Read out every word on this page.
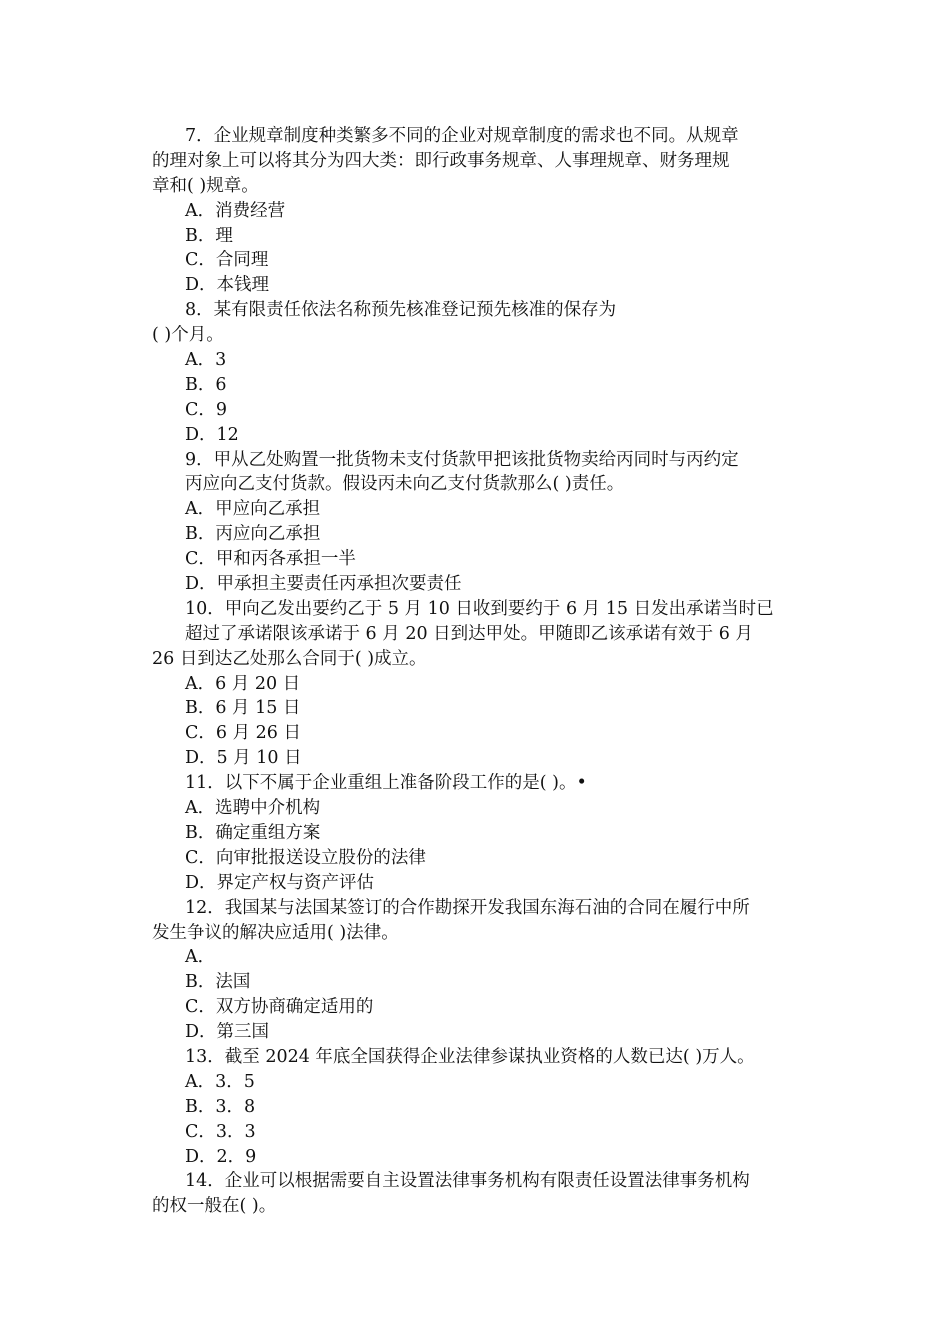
7．企业规章制度种类繁多不同的企业对规章制度的需求也不同。从规章
的理对象上可以将其分为四大类：即行政事务规章、人事理规章、财务理规
章和( )规章。
A．消费经营
B．理
C．合同理
D．本钱理
8．某有限责任依法名称预先核准登记预先核准的保存为
( )个月。
A．3
B．6
C．9
D．12
9．甲从乙处购置一批货物未支付货款甲把该批货物卖给丙同时与丙约定
丙应向乙支付货款。假设丙未向乙支付货款那么( )责任。
A．甲应向乙承担
B．丙应向乙承担
C．甲和丙各承担一半
D．甲承担主要责任丙承担次要责任
10．甲向乙发出要约乙于 5 月 10 日收到要约于 6 月 15 日发出承诺当时已
超过了承诺限该承诺于 6 月 20 日到达甲处。甲随即乙该承诺有效于 6 月
26 日到达乙处那么合同于( )成立。
A．6 月 20 日
B．6 月 15 日
C．6 月 26 日
D．5 月 10 日
11．以下不属于企业重组上准备阶段工作的是( )。•
A．选聘中介机构
B．确定重组方案
C．向审批报送设立股份的法律
D．界定产权与资产评估
12．我国某与法国某签订的合作勘探开发我国东海石油的合同在履行中所
发生争议的解决应适用( )法律。
A．
B．法国
C．双方协商确定适用的
D．第三国
13．截至 2024 年底全国获得企业法律参谋执业资格的人数已达( )万人。
A．3．5
B．3．8
C．3．3
D．2．9
14．企业可以根据需要自主设置法律事务机构有限责任设置法律事务机构
的权一般在( )。
